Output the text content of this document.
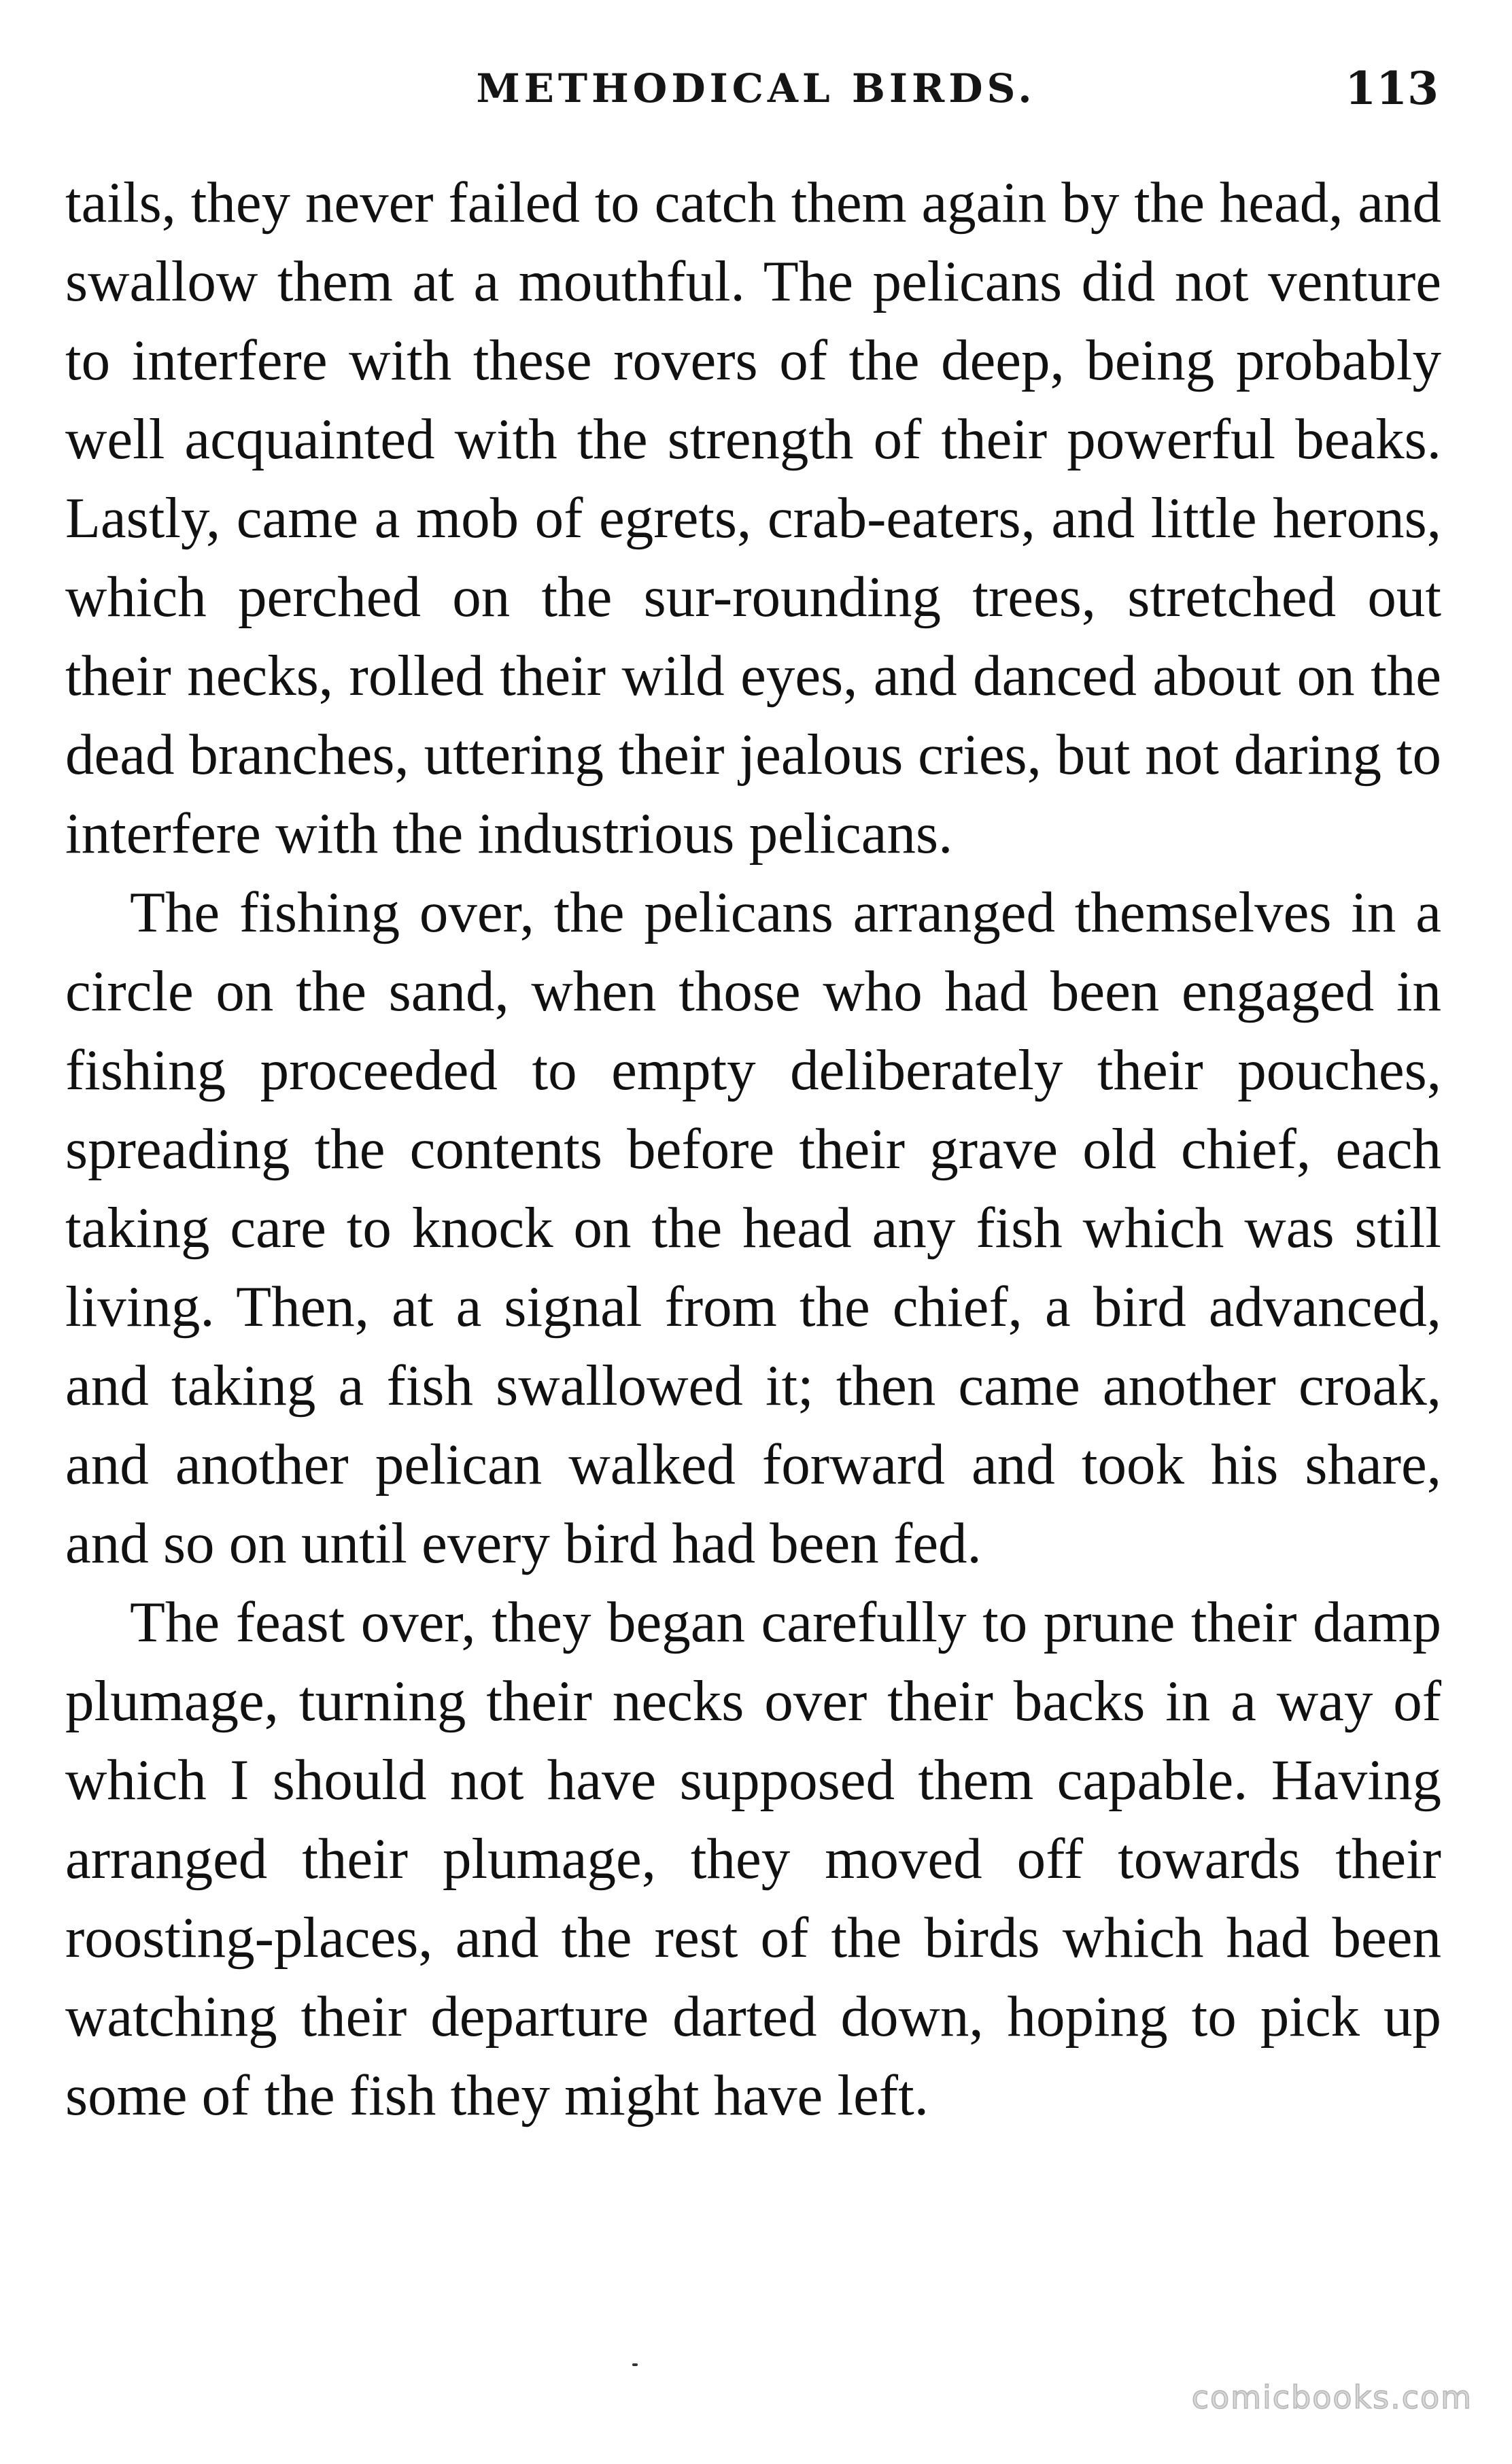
METHODICAL BIRDS.	113

tails, they never failed to catch them again by the head, and swallow them at a mouthful. The pelicans did not venture to interfere with these rovers of the deep, being probably well acquainted with the strength of their powerful beaks. Lastly, came a mob of egrets, crab-eaters, and little herons, which perched on the sur-rounding trees, stretched out their necks, rolled their wild eyes, and danced about on the dead branches, uttering their jealous cries, but not daring to interfere with the industrious pelicans.

The fishing over, the pelicans arranged themselves in a circle on the sand, when those who had been engaged in fishing proceeded to empty deliberately their pouches, spreading the contents before their grave old chief, each taking care to knock on the head any fish which was still living. Then, at a signal from the chief, a bird advanced, and taking a fish swallowed it; then came another croak, and another pelican walked forward and took his share, and so on until every bird had been fed.

The feast over, they began carefully to prune their damp plumage, turning their necks over their backs in a way of which I should not have supposed them capable. Having arranged their plumage, they moved off towards their roosting-places, and the rest of the birds which had been watching their departure darted down, hoping to pick up some of the fish they might have left.

comicbooks.com
